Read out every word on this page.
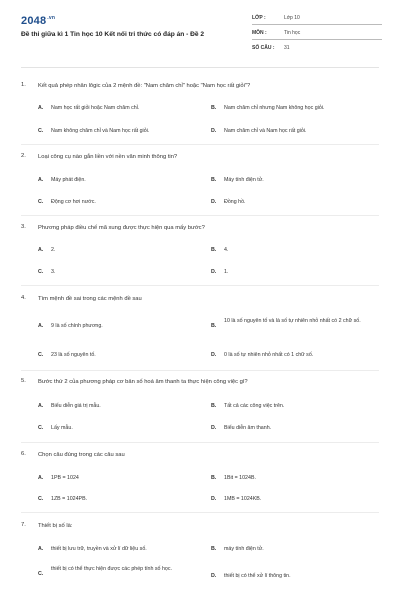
$2048^{.vn}$
Đề thi giữa kì 1 Tin học 10 Kết nối tri thức có đáp án - Đề 2
LỚP :	Lớp 10
MÔN :	Tin học
SỐ CÂU : 31
1. Kết quả phép nhân lôgic của 2 mệnh đề: "Nam chăm chỉ" hoặc "Nam học rất giỏi"?
A. Nam học rất giỏi hoặc Nam chăm chỉ.	B. Nam chăm chỉ nhưng Nam không học giỏi.
C. Nam không chăm chỉ và Nam học rất giỏi.	D. Nam chăm chỉ và Nam học rất giỏi.
2. Loại công cụ nào gắn liền với nền văn minh thông tin?
A. Máy phát điện.	B. Máy tính điện tử.
C. Động cơ hơi nước.	D. Đồng hồ.
3. Phương pháp điều chế mã xung được thực hiện qua mấy bước?
A. 2.	B. 4.
C. 3.	D. 1.
4. Tìm mệnh đề sai trong các mệnh đề sau
A. 9 là số chính phương.	B.
10 là số nguyên tố và là số tự nhiên nhỏ nhất có 2 chữ số.
C. 23 là số nguyên tố.	D. 0 là số tự nhiên nhỏ nhất có 1 chữ số.
5. Bước thứ 2 của phương pháp cơ bản số hoá âm thanh ta thực hiện công việc gì?
A. Biểu diễn giá trị mẫu.	B. Tất cả các công việc trên.
C. Lấy mẫu.	D. Biểu diễn âm thanh.
6. Chọn câu đúng trong các câu sau
A. 1PB = 1024	B. 1Bit = 1024B.
C. 1ZB = 1024PB.	D. 1MB = 1024KB.
7. Thiết bị số là:
A. thiết bị lưu trữ, truyền và xử lí dữ liệu số.	B. máy tính điện tử.
C.
thiết bị có thể thực hiện được các phép tính số học.
D. thiết bị có thể xử lí thông tin.
